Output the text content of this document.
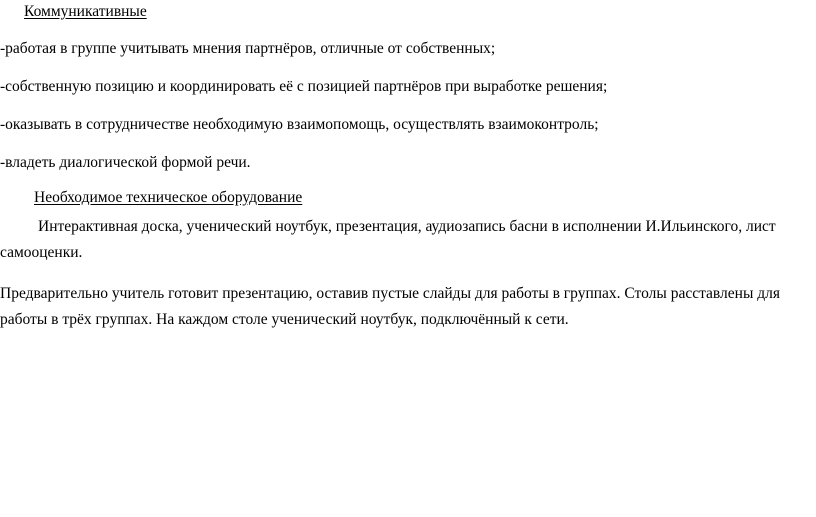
Коммуникативные
-работая в группе учитывать мнения партнёров, отличные от собственных;
-собственную позицию и координировать её с позицией партнёров при выработке решения;
-оказывать в сотрудничестве необходимую взаимопомощь, осуществлять взаимоконтроль;
-владеть диалогической формой речи.
Необходимое техническое оборудование
Интерактивная доска, ученический ноутбук, презентация, аудиозапись басни в исполнении И.Ильинского, лист самооценки.
Предварительно учитель готовит презентацию, оставив пустые слайды для работы в группах. Столы расставлены для работы в трёх группах. На каждом столе ученический ноутбук, подключённый к сети.
